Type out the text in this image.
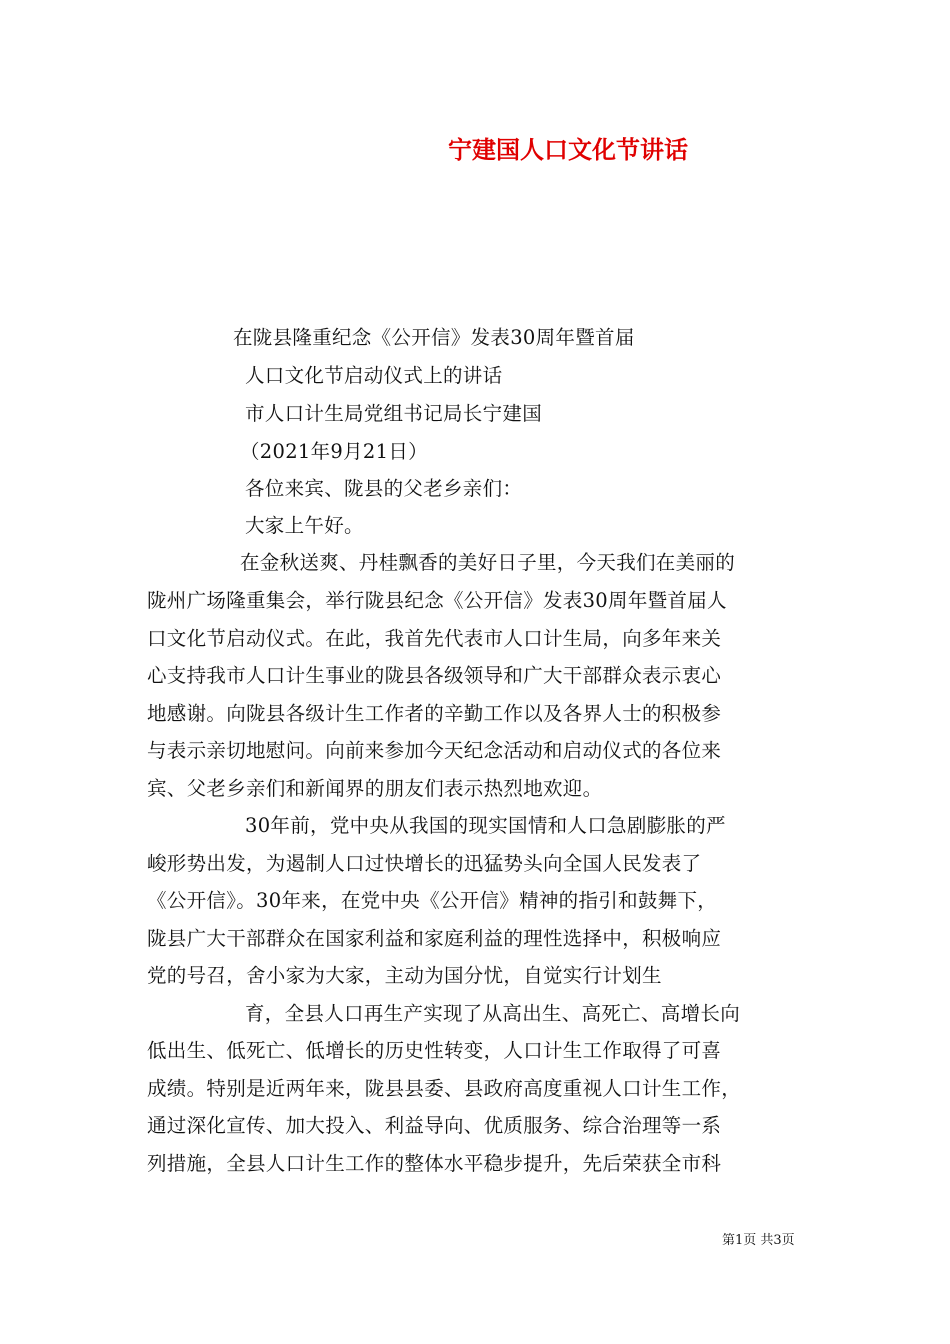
宁建国人口文化节讲话
在陇县隆重纪念《公开信》发表30周年暨首届
人口文化节启动仪式上的讲话
市人口计生局党组书记局长宁建国
（2021年9月21日）
各位来宾、陇县的父老乡亲们：
大家上午好。
在金秋送爽、丹桂飘香的美好日子里，今天我们在美丽的
陇州广场隆重集会，举行陇县纪念《公开信》发表30周年暨首届人
口文化节启动仪式。在此，我首先代表市人口计生局，向多年来关
心支持我市人口计生事业的陇县各级领导和广大干部群众表示衷心
地感谢。向陇县各级计生工作者的辛勤工作以及各界人士的积极参
与表示亲切地慰问。向前来参加今天纪念活动和启动仪式的各位来
宾、父老乡亲们和新闻界的朋友们表示热烈地欢迎。
30年前，党中央从我国的现实国情和人口急剧膨胀的严
峻形势出发，为遏制人口过快增长的迅猛势头向全国人民发表了
《公开信》。30年来，在党中央《公开信》精神的指引和鼓舞下，
陇县广大干部群众在国家利益和家庭利益的理性选择中，积极响应
党的号召，舍小家为大家，主动为国分忧，自觉实行计划生
育，全县人口再生产实现了从高出生、高死亡、高增长向
低出生、低死亡、低增长的历史性转变，人口计生工作取得了可喜
成绩。特别是近两年来，陇县县委、县政府高度重视人口计生工作，
通过深化宣传、加大投入、利益导向、优质服务、综合治理等一系
列措施，全县人口计生工作的整体水平稳步提升，先后荣获全市科
第1页 共3页
